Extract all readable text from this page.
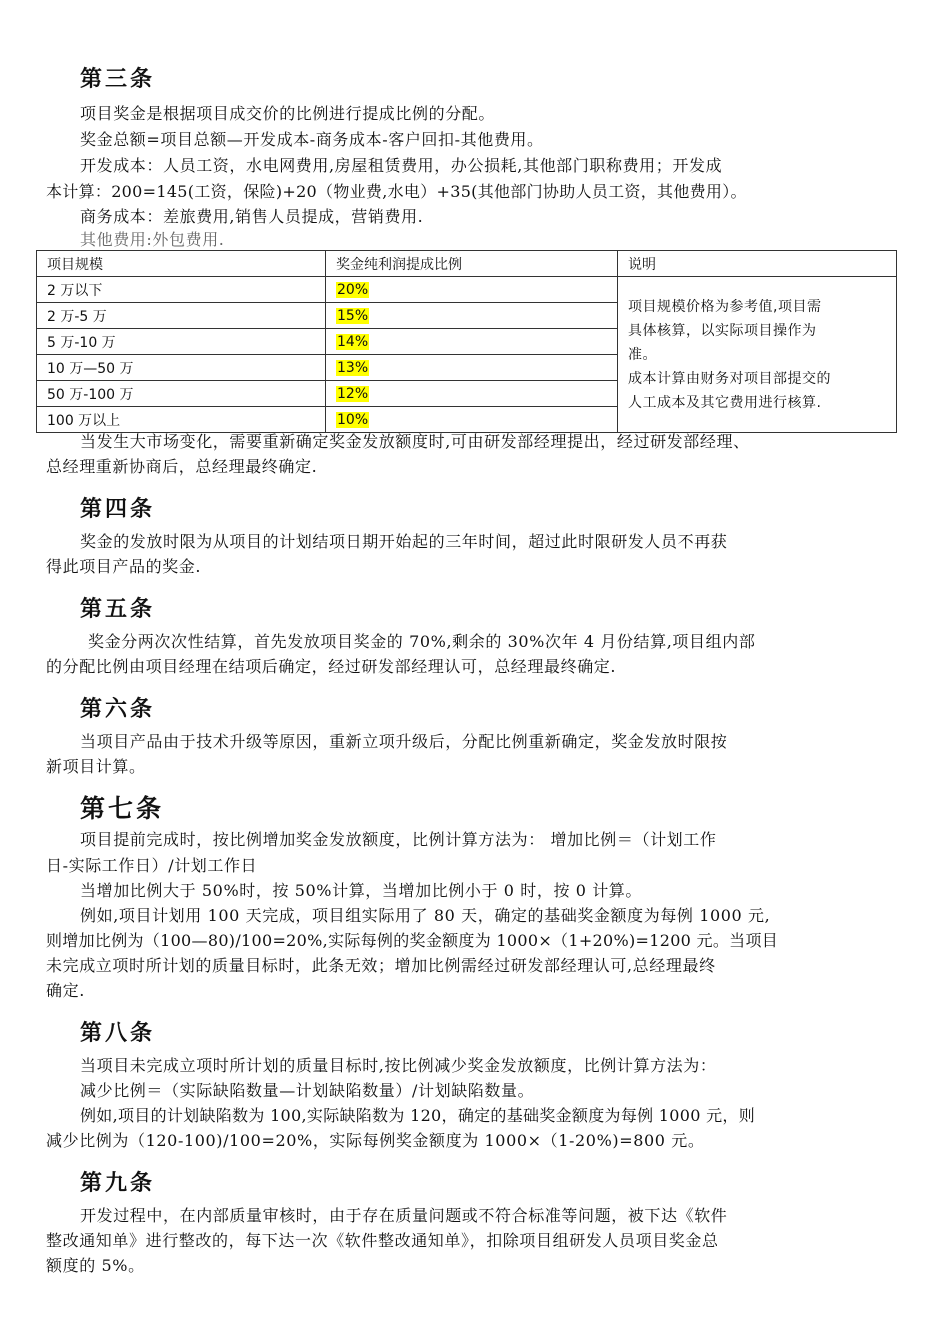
第三条
项目奖金是根据项目成交价的比例进行提成比例的分配。
奖金总额=项目总额—开发成本-商务成本-客户回扣-其他费用。
开发成本：人员工资，水电网费用,房屋租赁费用，办公损耗,其他部门职称费用；开发成
本计算：200=145(工资，保险)+20（物业费,水电）+35(其他部门协助人员工资，其他费用）。
商务成本：差旅费用,销售人员提成，营销费用.
其他费用:外包费用.
项目规模	奖金纯利润提成比例	说明
2 万以下	20%	项目规模价格为参考值,项目需
具体核算，以实际项目操作为
准。
成本计算由财务对项目部提交的
人工成本及其它费用进行核算.

2 万-5 万	15%	
5 万-10 万	14%	
10 万—50 万	13%	
50 万-100 万	12%	
100 万以上	10%	
当发生大市场变化，需要重新确定奖金发放额度时,可由研发部经理提出，经过研发部经理、
总经理重新协商后，总经理最终确定.
第四条
奖金的发放时限为从项目的计划结项日期开始起的三年时间，超过此时限研发人员不再获
得此项目产品的奖金.
第五条
奖金分两次次性结算，首先发放项目奖金的 70%,剩余的 30%次年 4 月份结算,项目组内部
的分配比例由项目经理在结项后确定，经过研发部经理认可，总经理最终确定.
第六条
当项目产品由于技术升级等原因，重新立项升级后，分配比例重新确定，奖金发放时限按
新项目计算。
第七条
项目提前完成时，按比例增加奖金发放额度，比例计算方法为： 增加比例＝（计划工作
日-实际工作日）/计划工作日
当增加比例大于 50%时，按 50%计算，当增加比例小于 0 时，按 0 计算。
例如,项目计划用 100 天完成，项目组实际用了 80 天，确定的基础奖金额度为每例 1000 元,
则增加比例为（100—80)/100=20%,实际每例的奖金额度为 1000×（1+20%)=1200 元。当项目
未完成立项时所计划的质量目标时，此条无效；增加比例需经过研发部经理认可,总经理最终
确定.
第八条
当项目未完成立项时所计划的质量目标时,按比例减少奖金发放额度，比例计算方法为：
减少比例＝（实际缺陷数量—计划缺陷数量）/计划缺陷数量。
例如,项目的计划缺陷数为 100,实际缺陷数为 120，确定的基础奖金额度为每例 1000 元，则
减少比例为（120-100)/100=20%，实际每例奖金额度为 1000×（1-20%)=800 元。
第九条
开发过程中，在内部质量审核时，由于存在质量问题或不符合标准等问题，被下达《软件
整改通知单》进行整改的，每下达一次《软件整改通知单》，扣除项目组研发人员项目奖金总
额度的 5%。
